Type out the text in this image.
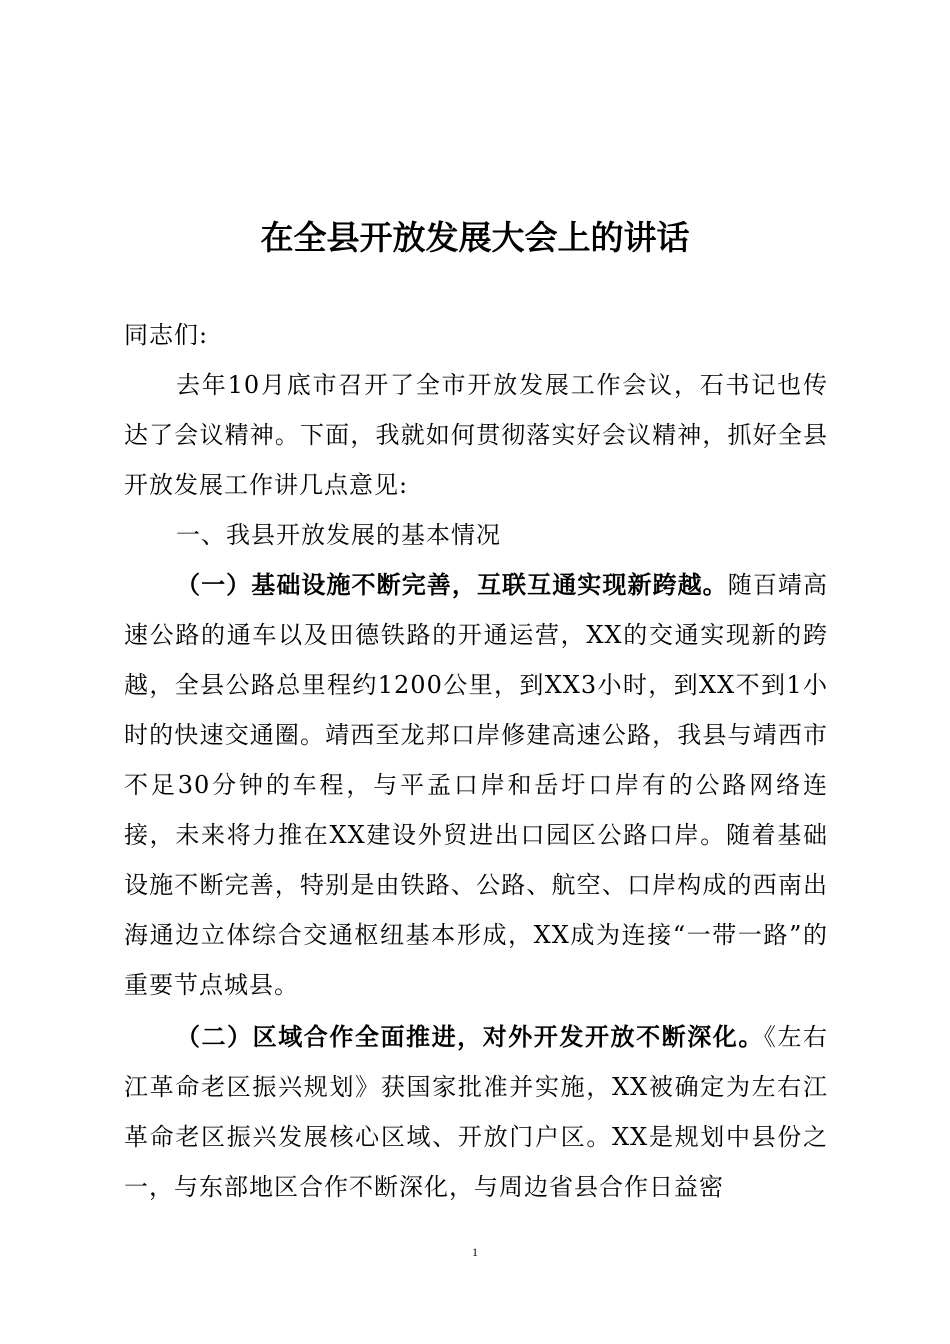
在全县开放发展大会上的讲话

同志们:

去年10月底市召开了全市开放发展工作会议，石书记也传达了会议精神。下面，我就如何贯彻落实好会议精神，抓好全县开放发展工作讲几点意见:

一、我县开放发展的基本情况

（一）基础设施不断完善，互联互通实现新跨越。随百靖高速公路的通车以及田德铁路的开通运营，XX的交通实现新的跨越，全县公路总里程约1200公里，到XX3小时，到XX不到1小时的快速交通圈。靖西至龙邦口岸修建高速公路，我县与靖西市不足30分钟的车程，与平孟口岸和岳圩口岸有的公路网络连接，未来将力推在XX建设外贸进出口园区公路口岸。随着基础设施不断完善，特别是由铁路、公路、航空、口岸构成的西南出海通边立体综合交通枢纽基本形成，XX成为连接“一带一路”的重要节点城县。

（二）区域合作全面推进，对外开发开放不断深化。《左右江革命老区振兴规划》获国家批准并实施，XX被确定为左右江革命老区振兴发展核心区域、开放门户区。XX是规划中县份之一，与东部地区合作不断深化，与周边省县合作日益密

1
